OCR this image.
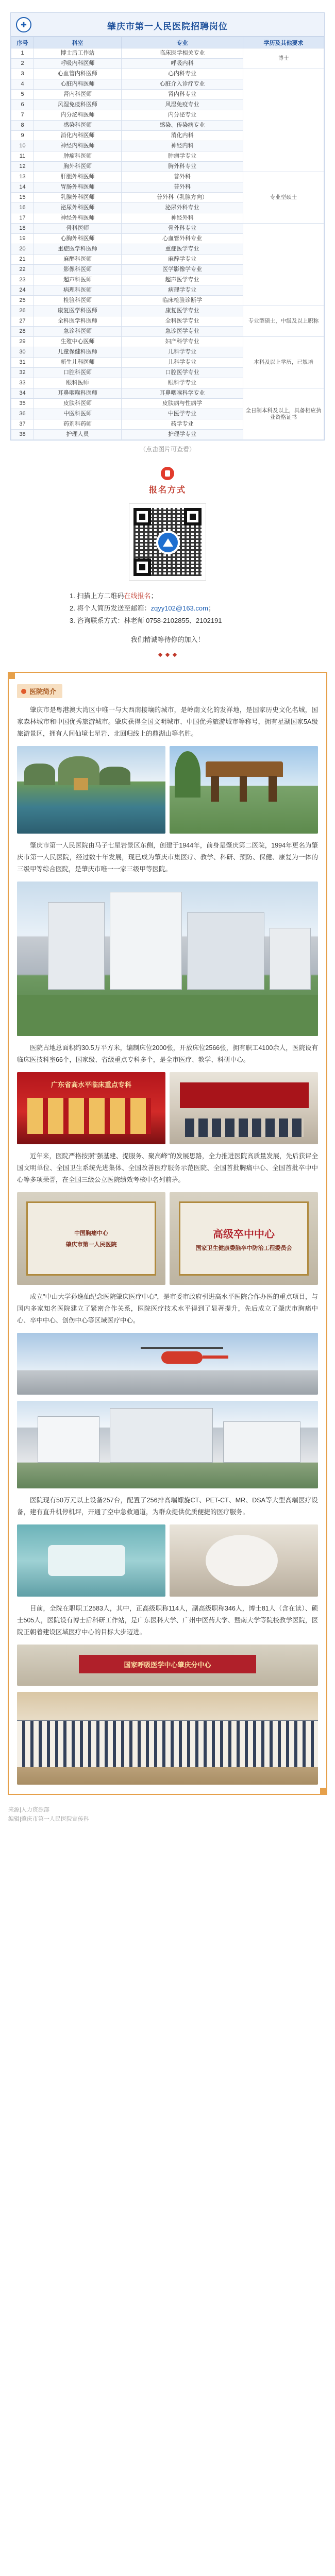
✚	肇庆市第一人民医院招聘岗位
序号	科室	专业	学历及其他要求
1	博士后工作站	临床医学相关专业	博士
2	呼吸内科医师	呼吸内科	
3	心血管内科医师	心内科专业	
4	心脏内科医师	心脏介入诊疗专业	
5	肾内科医师	肾内科专业	
6	风湿免疫科医师	风湿免疫专业	
7	内分泌科医师	内分泌专业	
8	感染科医师	感染、传染病专业	
9	消化内科医师	消化内科	
10	神经内科医师	神经内科	
11	肿瘤科医师	肿瘤学专业	
12	胸外科医师	胸外科专业	
13	肝胆外科医师	普外科	专业型硕士
14	胃肠外科医师	普外科	
15	乳腺外科医师	普外科（乳腺方向）	
16	泌尿外科医师	泌尿外科专业	
17	神经外科医师	神经外科	
18	骨科医师	骨外科专业	
19	心胸外科医师	心血管外科专业	
20	重症医学科医师	重症医学专业	
21	麻醉科医师	麻醉学专业	
22	影像科医师	医学影像学专业	
23	超声科医师	超声医学专业	
24	病理科医师	病理学专业	
25	检验科医师	临床检验诊断学	
26	康复医学科医师	康复医学专业	专业型硕士，中级及以上职称
27	全科医学科医师	全科医学专业	
28	急诊科医师	急诊医学专业	
29	生殖中心医师	妇产科学专业	本科及以上学历，已规培
30	儿童保健科医师	儿科学专业	
31	新生儿科医师	儿科学专业	
32	口腔科医师	口腔医学专业	
33	眼科医师	眼科学专业	
34	耳鼻咽喉科医师	耳鼻咽喉科学专业	全日制本科及以上，具备相应执业资格证书
35	皮肤科医师	皮肤病与性病学	
36	中医科医师	中医学专业	
37	药剂科药师	药学专业	
38	护理人员	护理学专业	

（点击图片可查看）

报名方式

1. 扫描上方二维码在线报名；

2. 将个人简历发送至邮箱：zqyy102@163.com；

3. 咨询联系方式：林老师 0758-2102855、2102191

我们精诚等待你的加入！

医院简介

肇庆市是粤港澳大湾区中唯一与大西南接壤的城市，是岭南文化的发祥地，是国家历史文化名城，国家森林城市和中国优秀旅游城市。肇庆获得全国文明城市、中国优秀旅游城市等称号，拥有星湖国家5A级旅游景区，拥有人间仙境七星岩、北回归线上的鼎湖山等名胜。

肇庆市第一人民医院由马子七星岩景区东侧，创建于1944年，前身是肇庆第二医院，1994年更名为肇庆市第一人民医院，经过数十年发展，现已成为肇庆市集医疗、教学、科研、预防、保健、康复为一体的三级甲等综合医院，是肇庆市唯一一家三级甲等医院。

医院占地总面积约30.5万平方米，编制床位2000张，开放床位2566张，拥有职工4100余人，医院设有临床医技科室66个，国家级、省级重点专科多个，是全市医疗、教学、科研中心。

广东省高水平临床重点专科

近年来，医院严格按照"强基建、提服务、聚高峰"的发展思路，全力推进医院高质量发展，先后获评全国文明单位、全国卫生系统先进集体、全国改善医疗服务示范医院、全国首批胸痛中心、全国首批卒中中心等多项荣誉，在全国三级公立医院绩效考核中名列前茅。

中国胸痛中心
肇庆市第一人民医院
高级卒中中心
国家卫生健康委脑卒中防治工程委员会

成立"中山大学孙逸仙纪念医院肇庆医疗中心"，是市委市政府引进高水平医院合作办医的重点项目，与国内多家知名医院建立了紧密合作关系，医院医疗技术水平得到了显著提升，先后成立了肇庆市胸痛中心、卒中中心、创伤中心等区域医疗中心。

医院现有50万元以上设备257台，配置了256排高端螺旋CT、PET-CT、MR、DSA等大型高端医疗设备，建有直升机停机坪，开通了空中急救通道，为群众提供优质便捷的医疗服务。

目前，全院在职职工2583人，其中，正高级职称114人，副高级职称346人，博士81人（含在读）、硕士505人，医院设有博士后科研工作站，是广东医科大学、广州中医药大学、暨南大学等院校教学医院，医院正朝着建设区域医疗中心的目标大步迈进。

国家呼吸医学中心肇庆分中心

来源|人力资源部

编辑|肇庆市第一人民医院宣传科
